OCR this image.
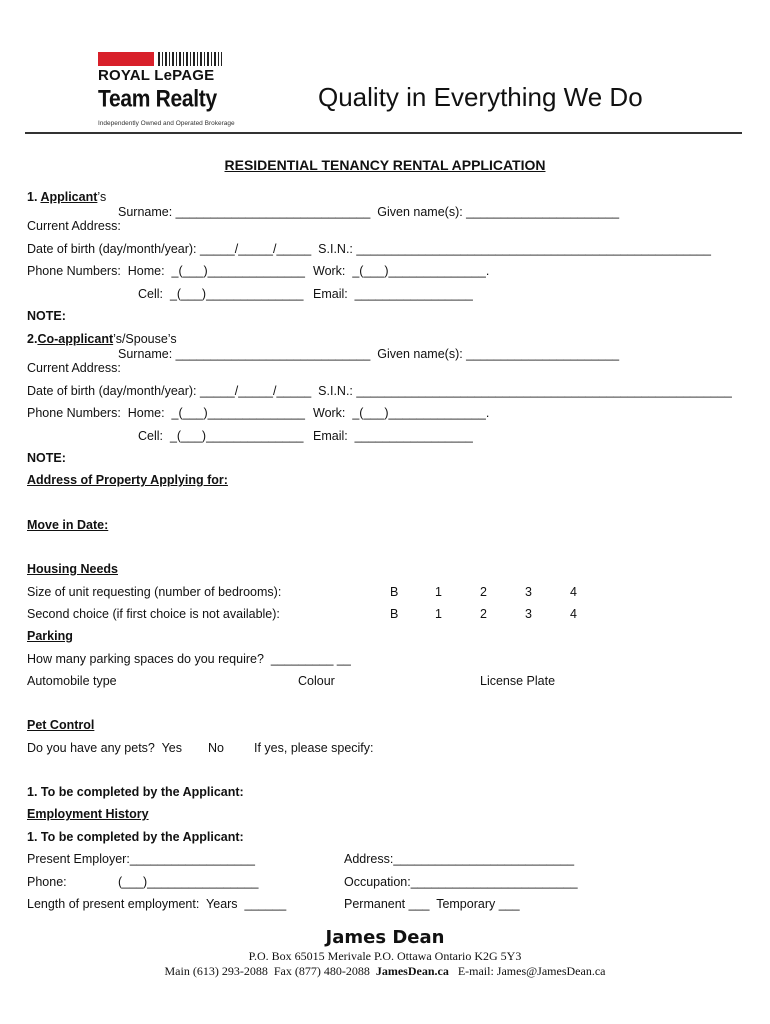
ROYAL LePAGE
Team Realty
Independently Owned and Operated Brokerage
Quality in Everything We Do
RESIDENTIAL TENANCY RENTAL APPLICATION
1. Applicant’s
Surname: ____________________________  Given name(s): ______________________
Current Address:
Date of birth (day/month/year): _____/_____/_____  S.I.N.: ___________________________________________________
Phone Numbers:  Home:  _(___)______________ Work:  _(___)______________.
Cell:  _(___)______________ Email:  _________________
NOTE:
2.Co-applicant’s/Spouse’s
Surname: ____________________________  Given name(s): ______________________
Current Address:
Date of birth (day/month/year): _____/_____/_____  S.I.N.: ______________________________________________________
Phone Numbers:  Home:  _(___)______________ Work:  _(___)______________.
Cell:  _(___)______________ Email:  _________________
NOTE:
Address of Property Applying for:
Move in Date:
Housing Needs
Size of unit requesting (number of bedrooms):	B	1	2	3	4
Second choice (if first choice is not available):	B	1	2	3	4
Parking
How many parking spaces do you require?  _________ __
Automobile type	Colour	License Plate
Pet Control
Do you have any pets?  Yes No If yes, please specify:
1. To be completed by the Applicant:
Employment History
1. To be completed by the Applicant:
Present Employer:__________________	Address:__________________________
Phone:	(___)________________	Occupation:________________________
Length of present employment:  Years  ______	Permanent ___  Temporary ___
James Dean
P.O. Box 65015 Merivale P.O. Ottawa Ontario K2G 5Y3
Main (613) 293-2088  Fax (877) 480-2088  JamesDean.ca   E-mail: James@JamesDean.ca
